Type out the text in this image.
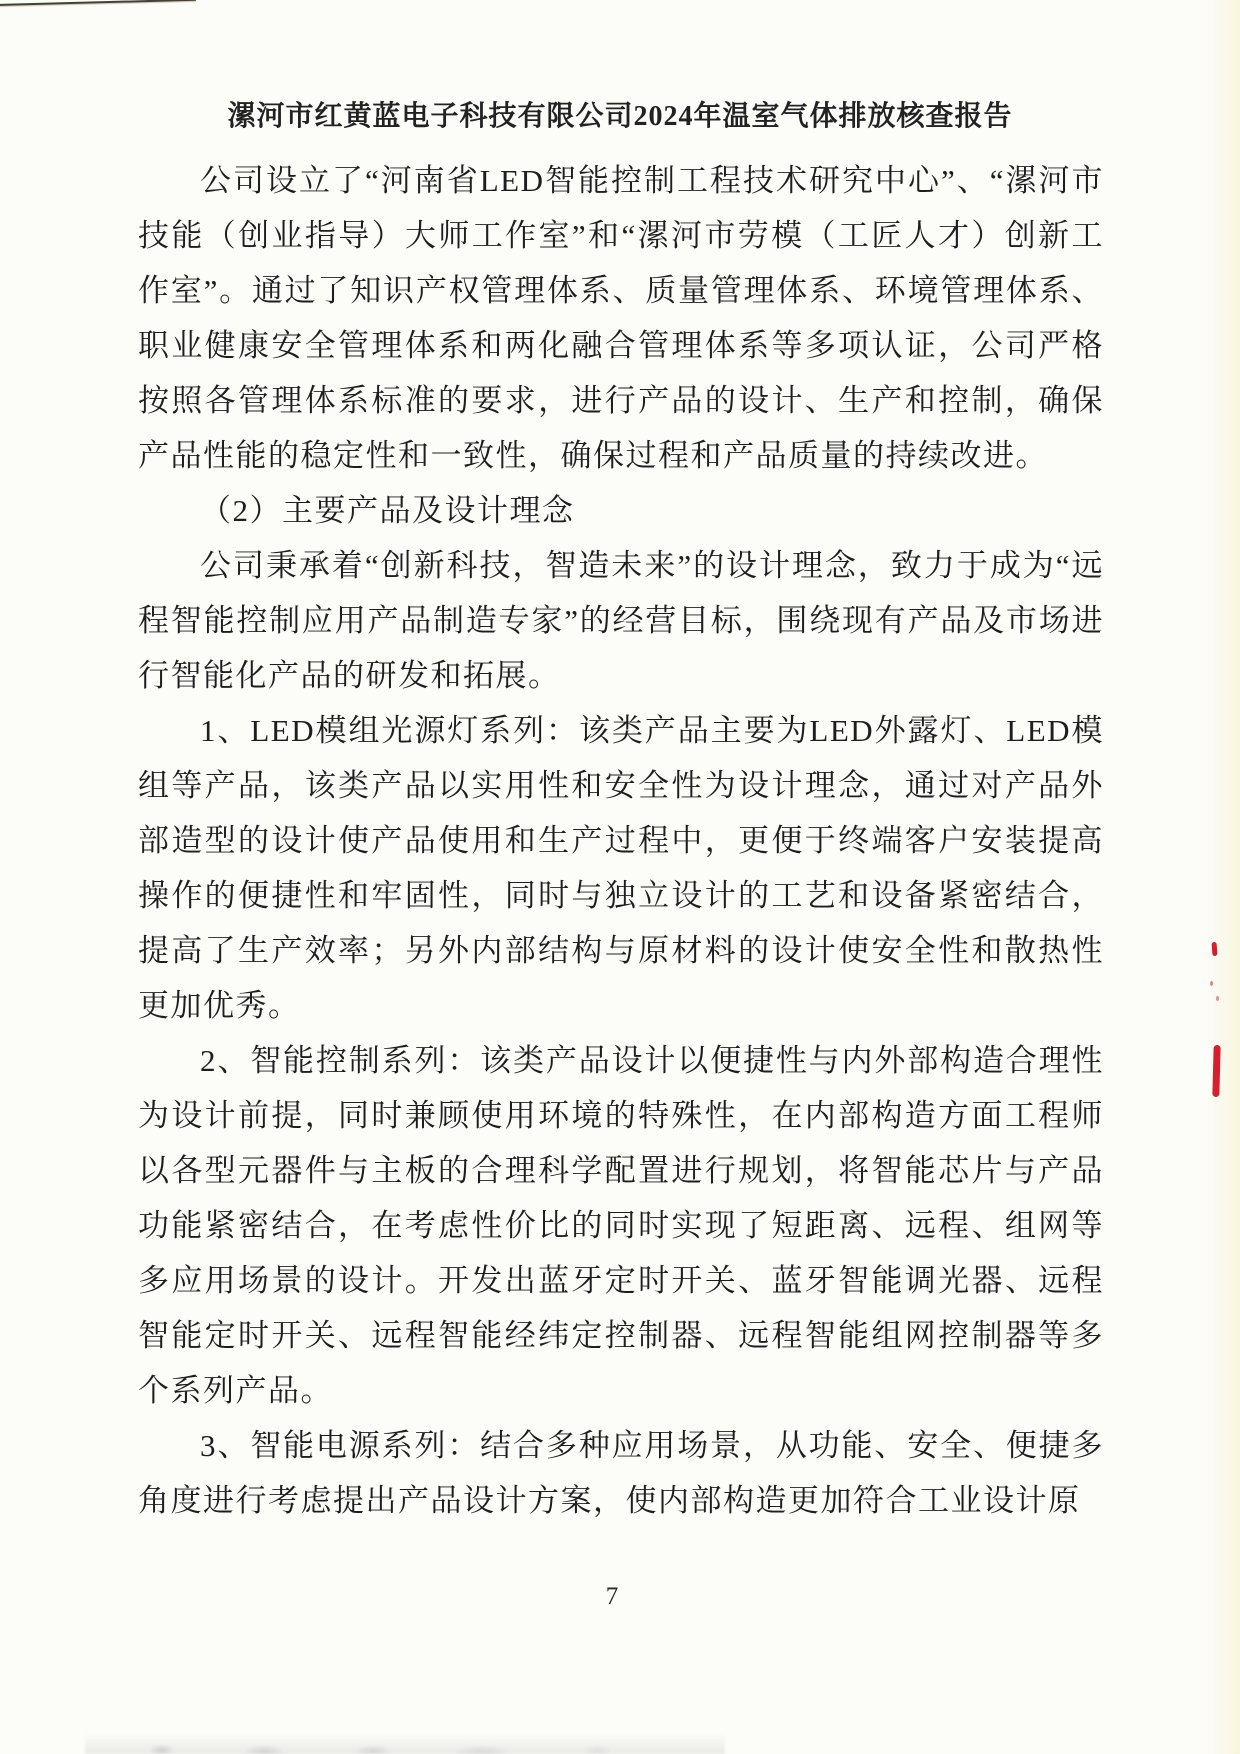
漯河市红黄蓝电子科技有限公司2024年温室气体排放核查报告

公司设立了“河南省LED智能控制工程技术研究中心”、“漯河市技能（创业指导）大师工作室”和“漯河市劳模（工匠人才）创新工作室”。通过了知识产权管理体系、质量管理体系、环境管理体系、职业健康安全管理体系和两化融合管理体系等多项认证，公司严格按照各管理体系标准的要求，进行产品的设计、生产和控制，确保产品性能的稳定性和一致性，确保过程和产品质量的持续改进。

（2）主要产品及设计理念

公司秉承着“创新科技，智造未来”的设计理念，致力于成为“远程智能控制应用产品制造专家”的经营目标，围绕现有产品及市场进行智能化产品的研发和拓展。

1、LED模组光源灯系列：该类产品主要为LED外露灯、LED模组等产品，该类产品以实用性和安全性为设计理念，通过对产品外部造型的设计使产品使用和生产过程中，更便于终端客户安装提高操作的便捷性和牢固性，同时与独立设计的工艺和设备紧密结合，提高了生产效率；另外内部结构与原材料的设计使安全性和散热性更加优秀。

2、智能控制系列：该类产品设计以便捷性与内外部构造合理性为设计前提，同时兼顾使用环境的特殊性，在内部构造方面工程师以各型元器件与主板的合理科学配置进行规划，将智能芯片与产品功能紧密结合，在考虑性价比的同时实现了短距离、远程、组网等多应用场景的设计。开发出蓝牙定时开关、蓝牙智能调光器、远程智能定时开关、远程智能经纬定控制器、远程智能组网控制器等多个系列产品。

3、智能电源系列：结合多种应用场景，从功能、安全、便捷多角度进行考虑提出产品设计方案，使内部构造更加符合工业设计原

7
